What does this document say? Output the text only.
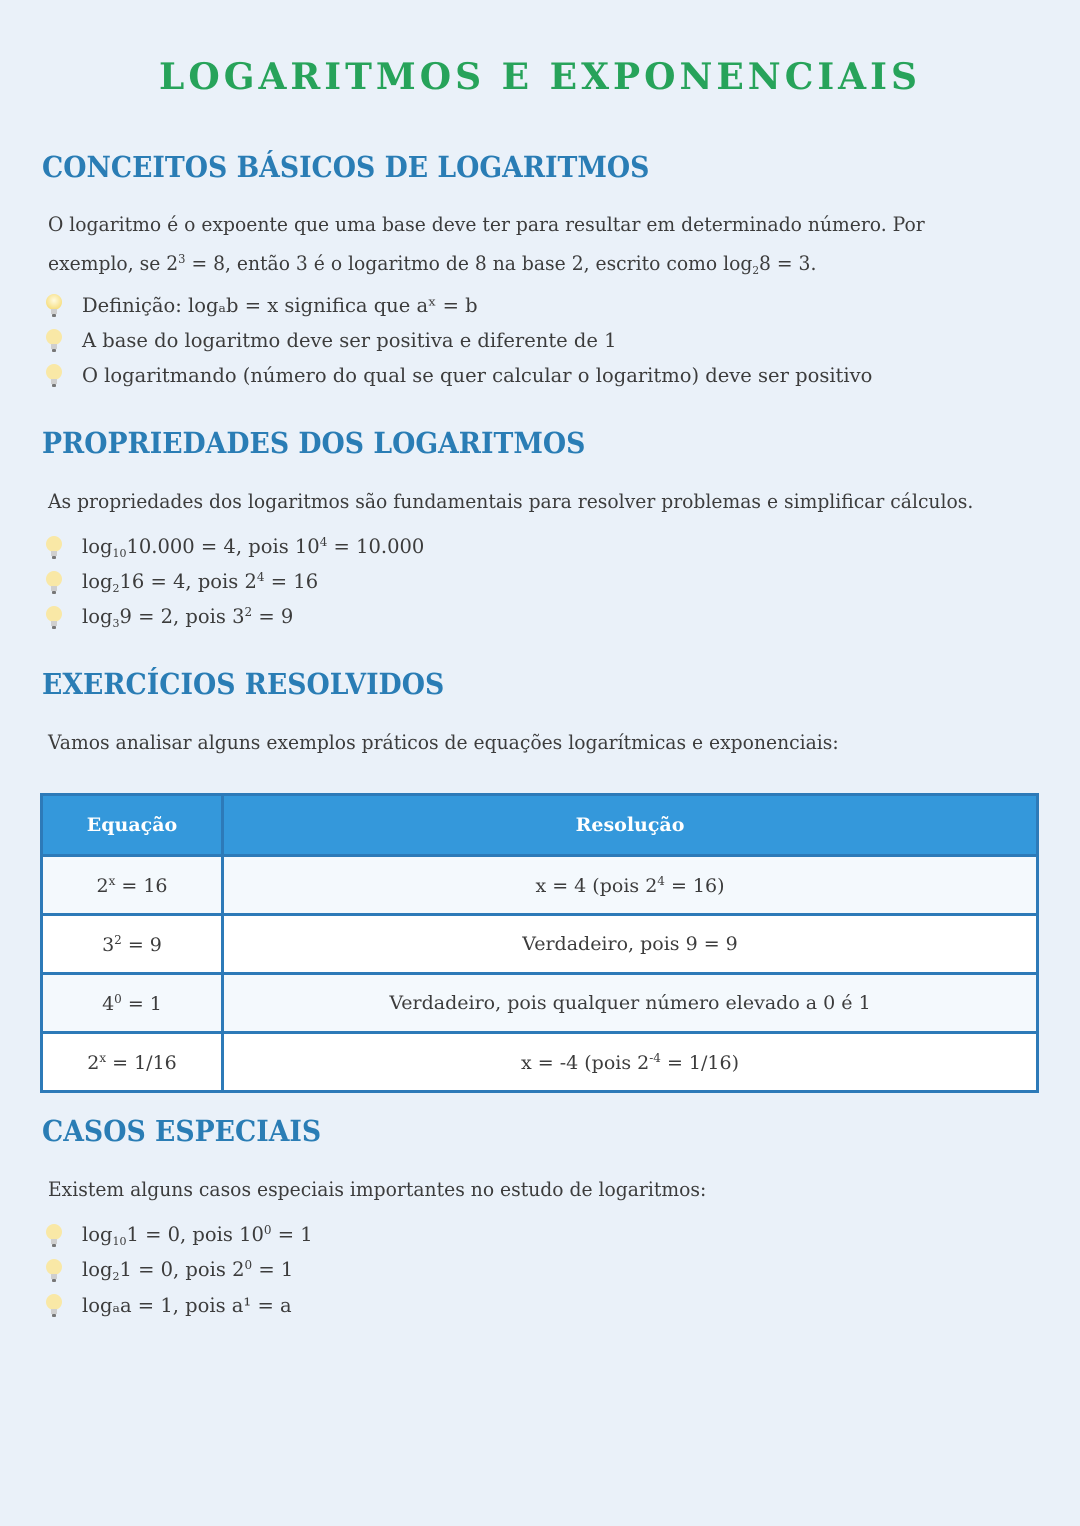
LOGARITMOS E EXPONENCIAIS
CONCEITOS BÁSICOS DE LOGARITMOS
O logaritmo é o expoente que uma base deve ter para resultar em determinado número. Por
exemplo, se $2^3 = 8$, então 3 é o logaritmo de 8 na base 2, escrito como $\log_28 = 3$.
Definição: logₐb = x significa que aˣ = b
A base do logaritmo deve ser positiva e diferente de 1
O logaritmando (número do qual se quer calcular o logaritmo) deve ser positivo
PROPRIEDADES DOS LOGARITMOS
As propriedades dos logaritmos são fundamentais para resolver problemas e simplificar cálculos.
$\log_{10}10.000 = 4$, pois $10^4 = 10.000$
$\log_216 = 4$, pois $2^4 = 16$
$\log_39 = 2$, pois $3^2 = 9$
EXERCÍCIOS RESOLVIDOS
Vamos analisar alguns exemplos práticos de equações logarítmicas e exponenciais:
Equação	Resolução
$2^x = 16$	x = 4 (pois $2^4 = 16$)
$3^2 = 9$	Verdadeiro, pois 9 = 9
$4^0 = 1$	Verdadeiro, pois qualquer número elevado a 0 é 1
$2^x = 1/16$	x = -4 (pois $2^{-4} = 1/16$)
CASOS ESPECIAIS
Existem alguns casos especiais importantes no estudo de logaritmos:
$\log_{10}1 = 0$, pois $10^0 = 1$
$\log_21 = 0$, pois $2^0 = 1$
logₐa = 1, pois a¹ = a
